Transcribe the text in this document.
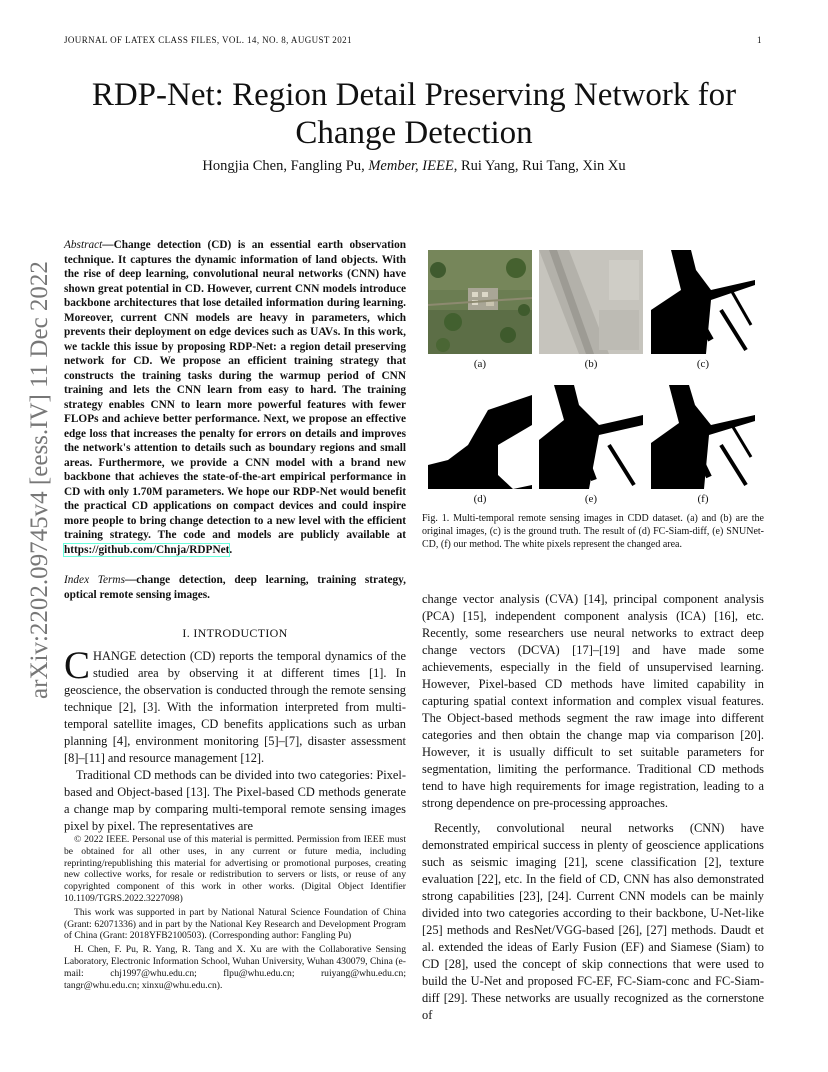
JOURNAL OF LATEX CLASS FILES, VOL. 14, NO. 8, AUGUST 2021	1
RDP-Net: Region Detail Preserving Network for Change Detection
Hongjia Chen, Fangling Pu, Member, IEEE, Rui Yang, Rui Tang, Xin Xu
arXiv:2202.09745v4 [eess.IV] 11 Dec 2022
Abstract—Change detection (CD) is an essential earth observation technique. It captures the dynamic information of land objects. With the rise of deep learning, convolutional neural networks (CNN) have shown great potential in CD. However, current CNN models introduce backbone architectures that lose detailed information during learning. Moreover, current CNN models are heavy in parameters, which prevents their deployment on edge devices such as UAVs. In this work, we tackle this issue by proposing RDP-Net: a region detail preserving network for CD. We propose an efficient training strategy that constructs the training tasks during the warmup period of CNN training and lets the CNN learn from easy to hard. The training strategy enables CNN to learn more powerful features with fewer FLOPs and achieve better performance. Next, we propose an effective edge loss that increases the penalty for errors on details and improves the network's attention to details such as boundary regions and small areas. Furthermore, we provide a CNN model with a brand new backbone that achieves the state-of-the-art empirical performance in CD with only 1.70M parameters. We hope our RDP-Net would benefit the practical CD applications on compact devices and could inspire more people to bring change detection to a new level with the efficient training strategy. The code and models are publicly available at https://github.com/Chnja/RDPNet.
Index Terms—change detection, deep learning, training strategy, optical remote sensing images.
I. INTRODUCTION

CHANGE detection (CD) reports the temporal dynamics of the studied area by observing it at different times [1]. In geoscience, the observation is conducted through the remote sensing technique [2], [3]. With the information interpreted from multi-temporal satellite images, CD benefits applications such as urban planning [4], environment monitoring [5]–[7], disaster assessment [8]–[11] and resource management [12].

Traditional CD methods can be divided into two categories: Pixel-based and Object-based [13]. The Pixel-based CD methods generate a change map by comparing multi-temporal remote sensing images pixel by pixel. The representatives are

© 2022 IEEE. Personal use of this material is permitted. Permission from IEEE must be obtained for all other uses, in any current or future media, including reprinting/republishing this material for advertising or promotional purposes, creating new collective works, for resale or redistribution to servers or lists, or reuse of any copyrighted component of this work in other works. (Digital Object Identifier 10.1109/TGRS.2022.3227098)

This work was supported in part by National Natural Science Foundation of China (Grant: 62071336) and in part by the National Key Research and Development Program of China (Grant: 2018YFB2100503). (Corresponding author: Fangling Pu)

H. Chen, F. Pu, R. Yang, R. Tang and X. Xu are with the Collaborative Sensing Laboratory, Electronic Information School, Wuhan University, Wuhan 430079, China (e-mail: chj1997@whu.edu.cn; flpu@whu.edu.cn; ruiyang@whu.edu.cn; tangr@whu.edu.cn; xinxu@whu.edu.cn).

(a)	(b)	(c)
(d)	(e)	(f)
Fig. 1. Multi-temporal remote sensing images in CDD dataset. (a) and (b) are the original images, (c) is the ground truth. The result of (d) FC-Siam-diff, (e) SNUNet-CD, (f) our method. The white pixels represent the changed area.

change vector analysis (CVA) [14], principal component analysis (PCA) [15], independent component analysis (ICA) [16], etc. Recently, some researchers use neural networks to extract deep change vectors (DCVA) [17]–[19] and have made some achievements, especially in the field of unsupervised learning. However, Pixel-based CD methods have limited capability in capturing spatial context information and complex visual features. The Object-based methods segment the raw image into different categories and then obtain the change map via comparison [20]. However, it is usually difficult to set suitable parameters for segmentation, limiting the performance. Traditional CD methods tend to have high requirements for image registration, leading to a strong dependence on pre-processing approaches.

Recently, convolutional neural networks (CNN) have demonstrated empirical success in plenty of geoscience applications such as seismic imaging [21], scene classification [2], texture evaluation [22], etc. In the field of CD, CNN has also demonstrated strong capabilities [23], [24]. Current CNN models can be mainly divided into two categories according to their backbone, U-Net-like [25] methods and ResNet/VGG-based [26], [27] methods. Daudt et al. extended the ideas of Early Fusion (EF) and Siamese (Siam) to CD [28], used the concept of skip connections that were used to build the U-Net and proposed FC-EF, FC-Siam-conc and FC-Siam-diff [29]. These networks are usually recognized as the cornerstone of
